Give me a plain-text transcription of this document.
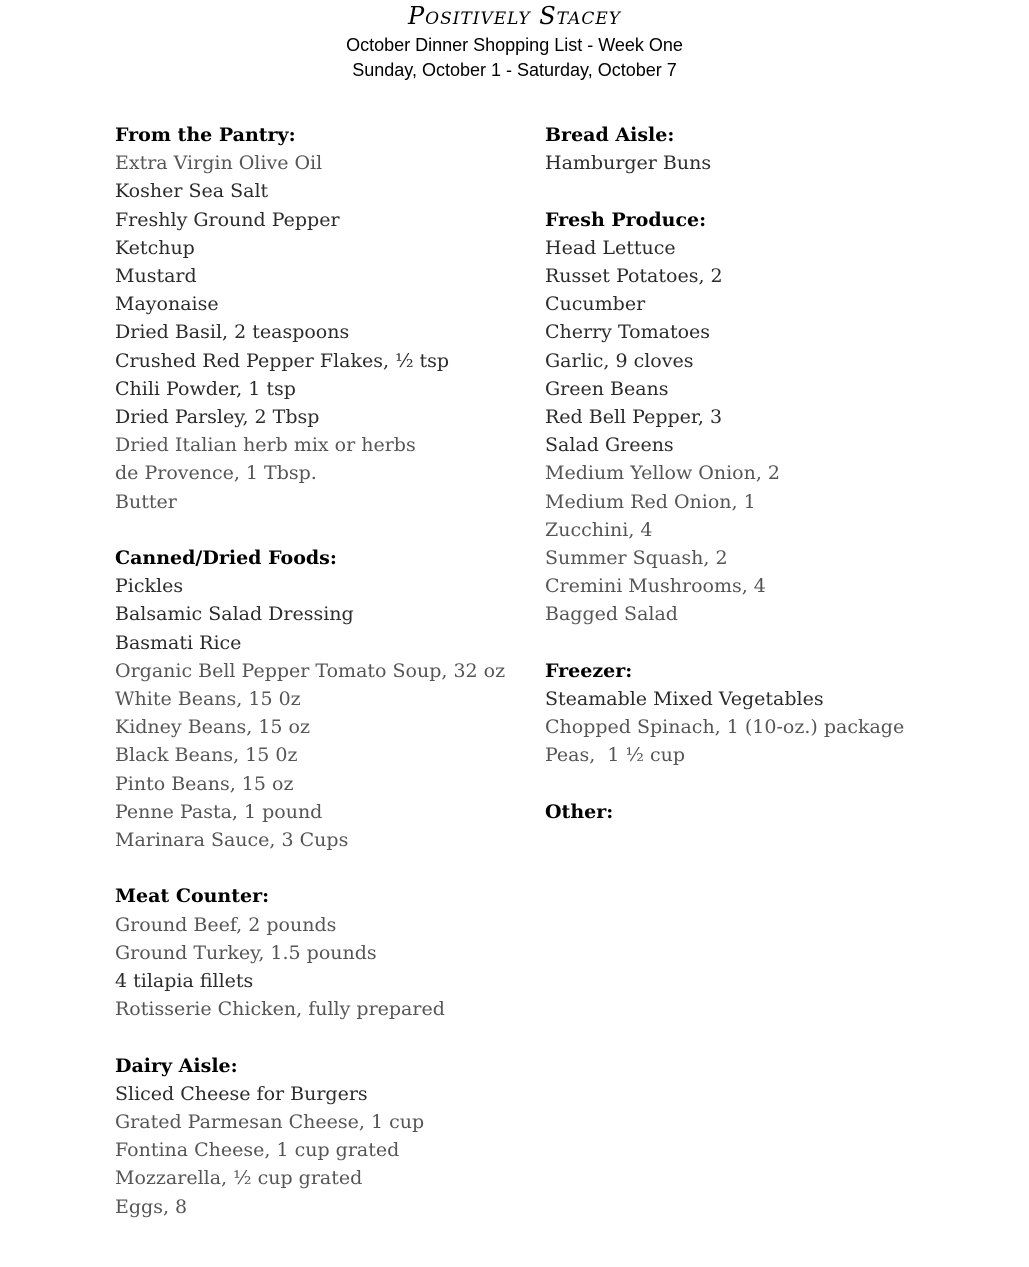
Positively Stacey
October Dinner Shopping List - Week One
Sunday, October 1 - Saturday, October 7
From the Pantry:
Extra Virgin Olive Oil
Kosher Sea Salt
Freshly Ground Pepper
Ketchup
Mustard
Mayonaise
Dried Basil, 2 teaspoons
Crushed Red Pepper Flakes, ½ tsp
Chili Powder, 1 tsp
Dried Parsley, 2 Tbsp
Dried Italian herb mix or herbs de Provence, 1 Tbsp.
Butter
Canned/Dried Foods:
Pickles
Balsamic Salad Dressing
Basmati Rice
Organic Bell Pepper Tomato Soup, 32 oz
White Beans, 15 0z
Kidney Beans, 15 oz
Black Beans, 15 0z
Pinto Beans, 15 oz
Penne Pasta, 1 pound
Marinara Sauce, 3 Cups
Meat Counter:
Ground Beef, 2 pounds
Ground Turkey, 1.5 pounds
4 tilapia fillets
Rotisserie Chicken, fully prepared
Dairy Aisle:
Sliced Cheese for Burgers
Grated Parmesan Cheese, 1 cup
Fontina Cheese, 1 cup grated
Mozzarella, ½ cup grated
Eggs, 8
Bread Aisle:
Hamburger Buns
Fresh Produce:
Head Lettuce
Russet Potatoes, 2
Cucumber
Cherry Tomatoes
Garlic, 9 cloves
Green Beans
Red Bell Pepper, 3
Salad Greens
Medium Yellow Onion, 2
Medium Red Onion, 1
Zucchini, 4
Summer Squash, 2
Cremini Mushrooms, 4
Bagged Salad
Freezer:
Steamable Mixed Vegetables
Chopped Spinach, 1 (10-oz.) package
Peas,  1 ½ cup
Other:
